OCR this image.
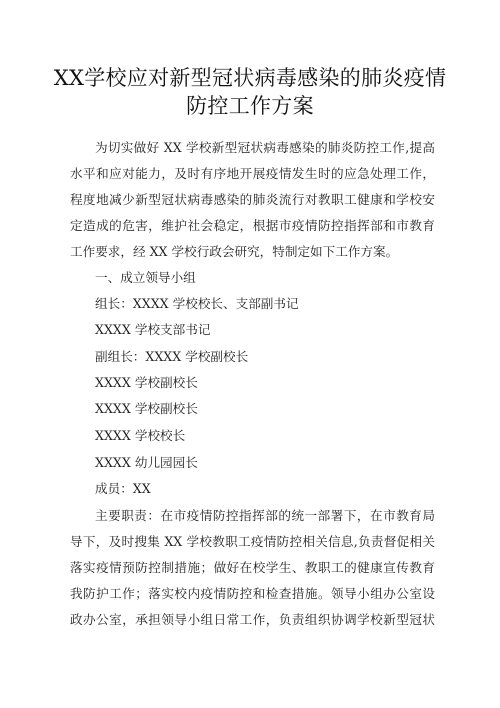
XX学校应对新型冠状病毒感染的肺炎疫情
防控工作方案
为切实做好 XX 学校新型冠状病毒感染的肺炎防控工作,提高
水平和应对能力，及时有序地开展疫情发生时的应急处理工作，
程度地减少新型冠状病毒感染的肺炎流行对教职工健康和学校安
定造成的危害，维护社会稳定，根据市疫情防控指挥部和市教育
工作要求，经 XX 学校行政会研究，特制定如下工作方案。
一、成立领导小组
组长：XXXX 学校校长、支部副书记
XXXX 学校支部书记
副组长：XXXX 学校副校长
XXXX 学校副校长
XXXX 学校副校长
XXXX 学校校长
XXXX 幼儿园园长
成员：XX
主要职责：在市疫情防控指挥部的统一部署下，在市教育局
导下，及时搜集 XX 学校教职工疫情防控相关信息,负责督促相关
落实疫情预防控制措施；做好在校学生、教职工的健康宣传教育
我防护工作；落实校内疫情防控和检查措施。领导小组办公室设
政办公室，承担领导小组日常工作，负责组织协调学校新型冠状
